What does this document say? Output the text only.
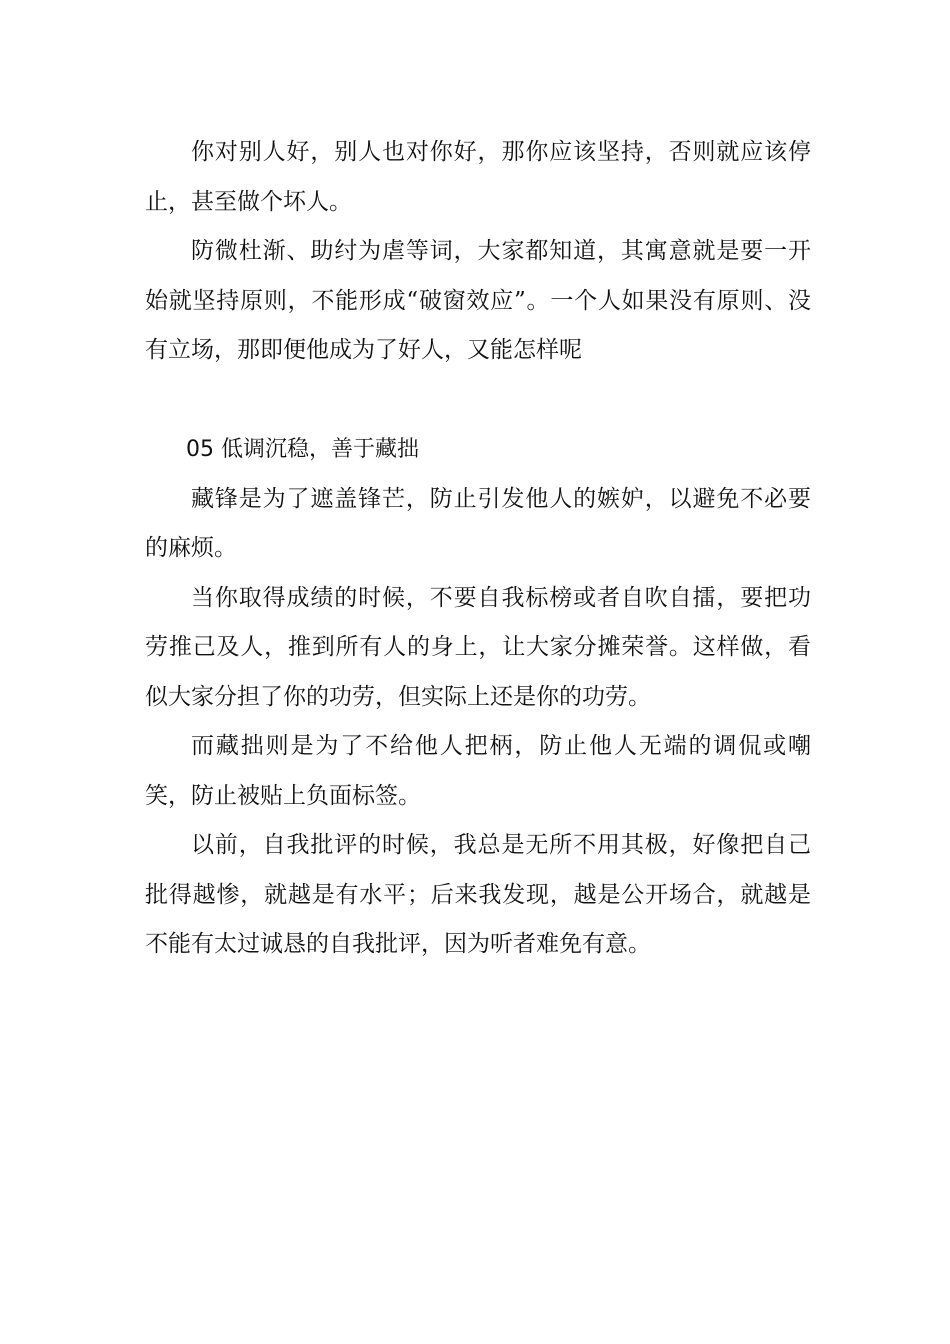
你对别人好，别人也对你好，那你应该坚持，否则就应该停止，甚至做个坏人。

防微杜渐、助纣为虐等词，大家都知道，其寓意就是要一开始就坚持原则，不能形成“破窗效应”。一个人如果没有原则、没有立场，那即便他成为了好人，又能怎样呢

05 低调沉稳，善于藏拙

藏锋是为了遮盖锋芒，防止引发他人的嫉妒，以避免不必要的麻烦。

当你取得成绩的时候，不要自我标榜或者自吹自擂，要把功劳推己及人，推到所有人的身上，让大家分摊荣誉。这样做，看似大家分担了你的功劳，但实际上还是你的功劳。

而藏拙则是为了不给他人把柄，防止他人无端的调侃或嘲笑，防止被贴上负面标签。

以前，自我批评的时候，我总是无所不用其极，好像把自己批得越惨，就越是有水平；后来我发现，越是公开场合，就越是不能有太过诚恳的自我批评，因为听者难免有意。
